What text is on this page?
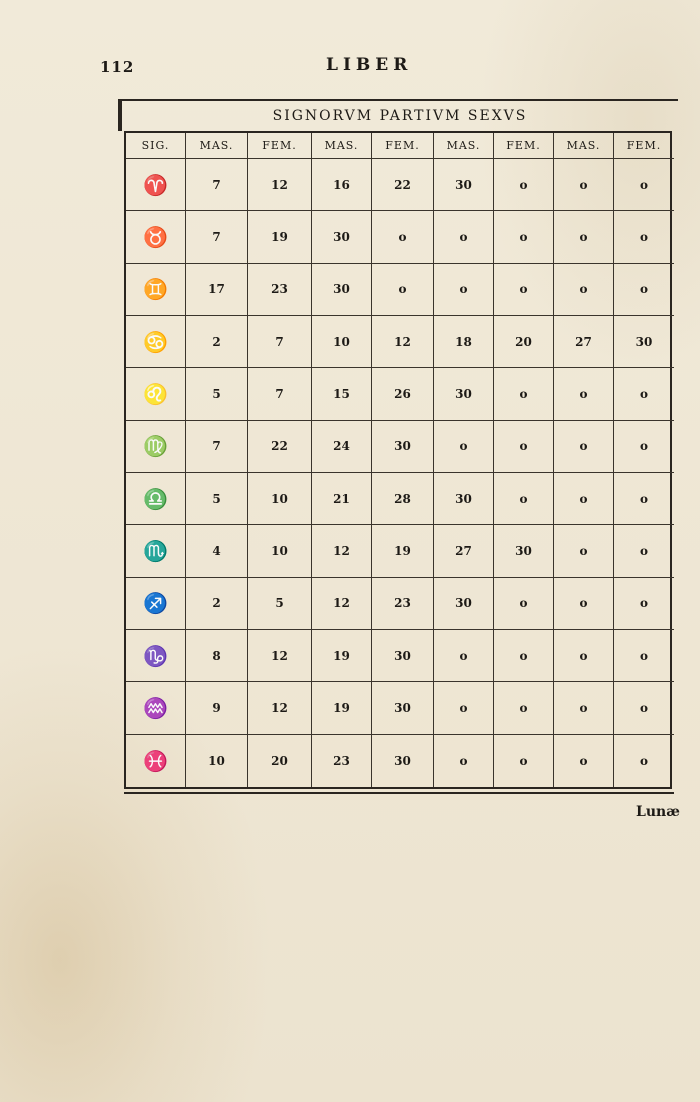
112	LIBER
SIGNORVM PARTIVM SEXVS
SIG.	MAS.	FEM.	MAS.	FEM.	MAS.	FEM.	MAS.	FEM.
♈	7	12	16	22	30	o	o	o
♉	7	19	30	o	o	o	o	o
♊	17	23	30	o	o	o	o	o
♋	2	7	10	12	18	20	27	30
♌	5	7	15	26	30	o	o	o
♍	7	22	24	30	o	o	o	o
♎	5	10	21	28	30	o	o	o
♏	4	10	12	19	27	30	o	o
♐	2	5	12	23	30	o	o	o
♑	8	12	19	30	o	o	o	o
♒	9	12	19	30	o	o	o	o
♓	10	20	23	30	o	o	o	o
Lunæ
